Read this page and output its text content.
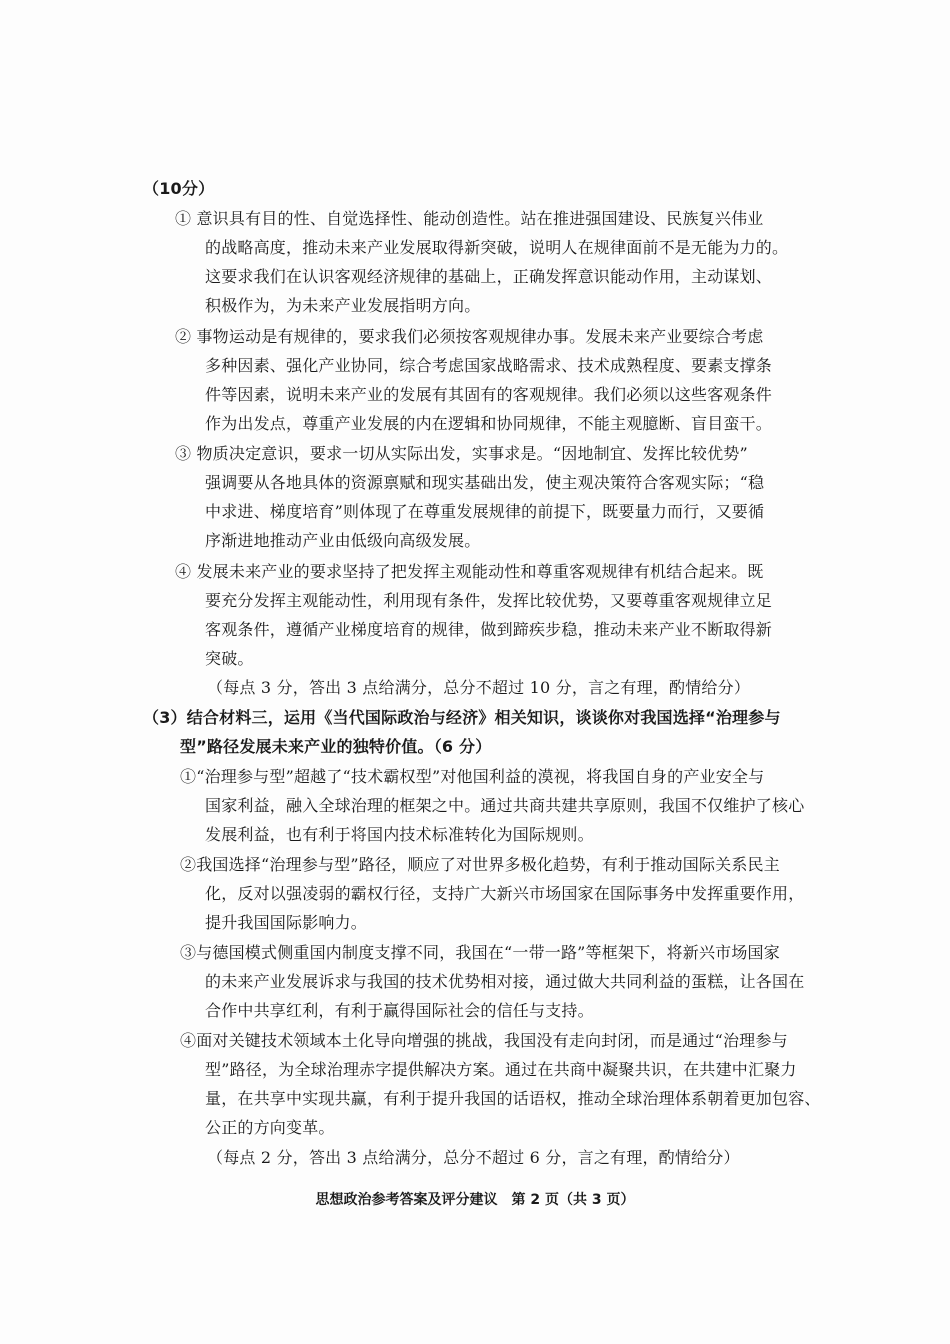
（10分）
① 意识具有目的性、自觉选择性、能动创造性。站在推进强国建设、民族复兴伟业
的战略高度，推动未来产业发展取得新突破，说明人在规律面前不是无能为力的。
这要求我们在认识客观经济规律的基础上，正确发挥意识能动作用，主动谋划、
积极作为，为未来产业发展指明方向。
② 事物运动是有规律的，要求我们必须按客观规律办事。发展未来产业要综合考虑
多种因素、强化产业协同，综合考虑国家战略需求、技术成熟程度、要素支撑条
件等因素，说明未来产业的发展有其固有的客观规律。我们必须以这些客观条件
作为出发点，尊重产业发展的内在逻辑和协同规律，不能主观臆断、盲目蛮干。
③ 物质决定意识，要求一切从实际出发，实事求是。“因地制宜、发挥比较优势”
强调要从各地具体的资源禀赋和现实基础出发，使主观决策符合客观实际；“稳
中求进、梯度培育”则体现了在尊重发展规律的前提下，既要量力而行，又要循
序渐进地推动产业由低级向高级发展。
④ 发展未来产业的要求坚持了把发挥主观能动性和尊重客观规律有机结合起来。既
要充分发挥主观能动性，利用现有条件，发挥比较优势，又要尊重客观规律立足
客观条件，遵循产业梯度培育的规律，做到蹄疾步稳，推动未来产业不断取得新
突破。
（每点 3 分，答出 3 点给满分，总分不超过 10 分，言之有理，酌情给分）
（3）结合材料三，运用《当代国际政治与经济》相关知识，谈谈你对我国选择“治理参与
型”路径发展未来产业的独特价值。（6 分）
①“治理参与型”超越了“技术霸权型”对他国利益的漠视，将我国自身的产业安全与
国家利益，融入全球治理的框架之中。通过共商共建共享原则，我国不仅维护了核心
发展利益，也有利于将国内技术标准转化为国际规则。
②我国选择“治理参与型”路径，顺应了对世界多极化趋势，有利于推动国际关系民主
化，反对以强凌弱的霸权行径，支持广大新兴市场国家在国际事务中发挥重要作用，
提升我国国际影响力。
③与德国模式侧重国内制度支撑不同，我国在“一带一路”等框架下，将新兴市场国家
的未来产业发展诉求与我国的技术优势相对接，通过做大共同利益的蛋糕，让各国在
合作中共享红利，有利于赢得国际社会的信任与支持。
④面对关键技术领域本土化导向增强的挑战，我国没有走向封闭，而是通过“治理参与
型”路径，为全球治理赤字提供解决方案。通过在共商中凝聚共识，在共建中汇聚力
量，在共享中实现共赢，有利于提升我国的话语权，推动全球治理体系朝着更加包容、
公正的方向变革。
（每点 2 分，答出 3 点给满分，总分不超过 6 分，言之有理，酌情给分）
思想政治参考答案及评分建议　第 2 页（共 3 页）
